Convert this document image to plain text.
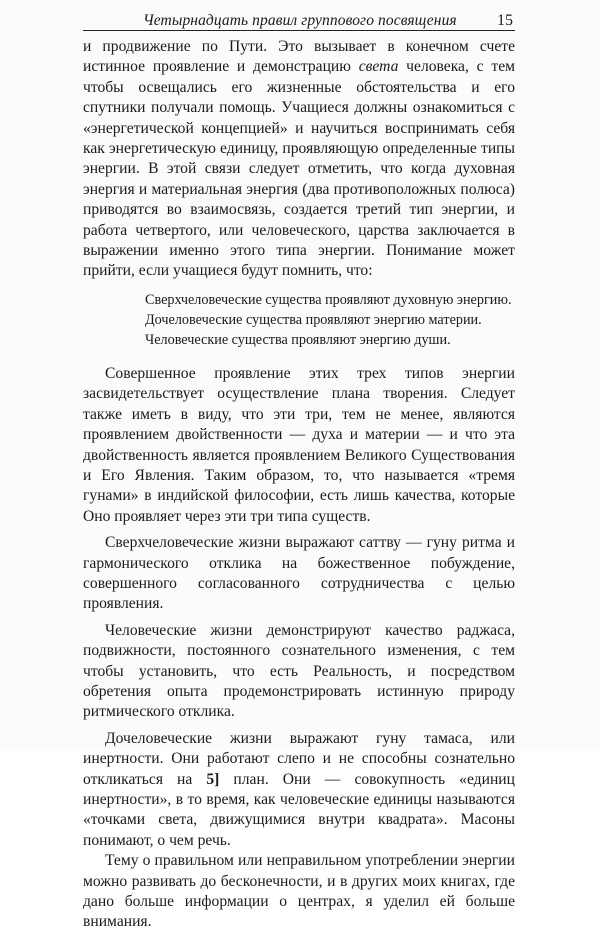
Четырнадцать правил группового посвящения	15

и продвижение по Пути. Это вызывает в конечном счете истинное проявление и демонстрацию света человека, с тем чтобы освещались его жизненные обстоятельства и его спутники получали помощь. Учащиеся должны ознакомиться с «энергетической концепцией» и научиться воспринимать себя как энергетическую единицу, проявляющую определенные типы энергии. В этой связи следует отметить, что когда духовная энергия и материальная энергия (два противоположных полюса) приводятся во взаимосвязь, создается третий тип энергии, и работа четвертого, или человеческого, царства заключается в выражении именно этого типа энергии. Понимание может прийти, если учащиеся будут помнить, что:

Сверхчеловеческие существа проявляют духовную энергию.
Дочеловеческие существа проявляют энергию материи.
Человеческие существа проявляют энергию души.

Совершенное проявление этих трех типов энергии засвидетельствует осуществление плана творения. Следует также иметь в виду, что эти три, тем не менее, являются проявлением двойственности — духа и материи — и что эта двойственность является проявлением Великого Существования и Его Явления. Таким образом, то, что называется «тремя гунами» в индийской философии, есть лишь качества, которые Оно проявляет через эти три типа существ.

Сверхчеловеческие жизни выражают саттву — гуну ритма и гармонического отклика на божественное побуждение, совершенного согласованного сотрудничества с целью проявления.

Человеческие жизни демонстрируют качество раджаса, подвижности, постоянного сознательного изменения, с тем чтобы установить, что есть Реальность, и посредством обретения опыта продемонстрировать истинную природу ритмического отклика.

Дочеловеческие жизни выражают гуну тамаса, или инертности. Они работают слепо и не способны сознательно откликаться на 5] план. Они — совокупность «единиц инертности», в то время, как человеческие единицы называются «точками света, движущимися внутри квадрата». Масоны понимают, о чем речь.

Тему о правильном или неправильном употреблении энергии можно развивать до бесконечности, и в других моих книгах, где дано больше информации о центрах, я уделил ей больше внимания.
